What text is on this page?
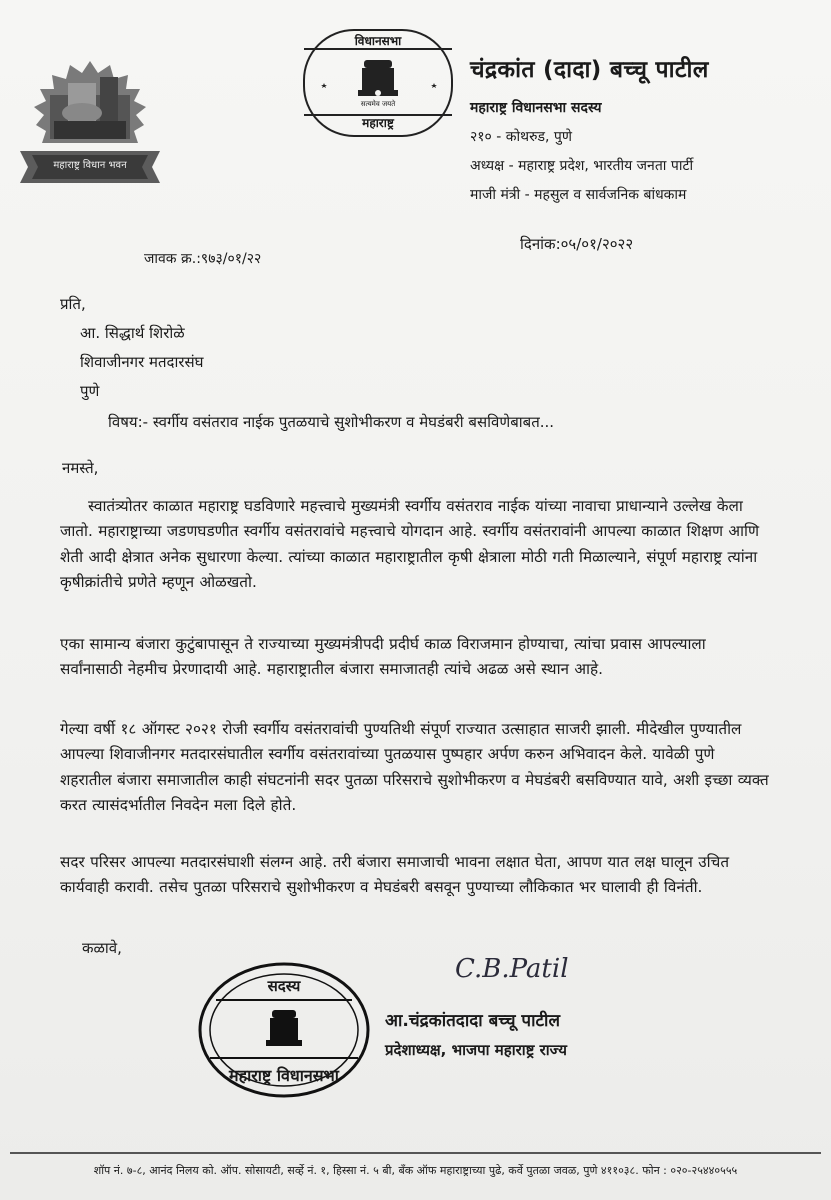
महाराष्ट्र विधान भवन
विधानसभा
सत्यमेव जयते
महाराष्ट्र
चंद्रकांत (दादा) बच्चू पाटील
महाराष्ट्र विधानसभा सदस्य
२१० - कोथरुड, पुणे
अध्यक्ष - महाराष्ट्र प्रदेश, भारतीय जनता पार्टी
माजी मंत्री - महसुल व सार्वजनिक बांधकाम
जावक क्र.:९७३/०१/२२
दिनांक:०५/०१/२०२२
प्रति,
आ. सिद्धार्थ शिरोळे
शिवाजीनगर मतदारसंघ
पुणे
विषय:- स्वर्गीय वसंतराव नाईक पुतळयाचे सुशोभीकरण व मेघडंबरी बसविणेबाबत...
नमस्ते,
स्वातंत्र्योतर काळात महाराष्ट्र घडविणारे महत्त्वाचे मुख्यमंत्री स्वर्गीय वसंतराव नाईक यांच्या नावाचा प्राधान्याने उल्लेख केला जातो. महाराष्ट्राच्या जडणघडणीत स्वर्गीय वसंतरावांचे महत्त्वाचे योगदान आहे. स्वर्गीय वसंतरावांनी आपल्या काळात शिक्षण आणि शेती आदी क्षेत्रात अनेक सुधारणा केल्या. त्यांच्या काळात महाराष्ट्रातील कृषी क्षेत्राला मोठी गती मिळाल्याने, संपूर्ण महाराष्ट्र त्यांना कृषीक्रांतीचे प्रणेते म्हणून ओळखतो.
एका सामान्य बंजारा कुटुंबापासून ते राज्याच्या मुख्यमंत्रीपदी प्रदीर्घ काळ विराजमान होण्याचा, त्यांचा प्रवास आपल्याला सर्वांनासाठी नेहमीच प्रेरणादायी आहे. महाराष्ट्रातील बंजारा समाजातही त्यांचे अढळ असे स्थान आहे.
गेल्या वर्षी १८ ऑगस्ट २०२१ रोजी स्वर्गीय वसंतरावांची पुण्यतिथी संपूर्ण राज्यात उत्साहात साजरी झाली. मीदेखील पुण्यातील आपल्या शिवाजीनगर मतदारसंघातील स्वर्गीय वसंतरावांच्या पुतळयास पुष्पहार अर्पण करुन अभिवादन केले. यावेळी पुणे शहरातील बंजारा समाजातील काही संघटनांनी सदर पुतळा परिसराचे सुशोभीकरण व मेघडंबरी बसविण्यात यावे, अशी इच्छा व्यक्त करत त्यासंदर्भातील निवदेन मला दिले होते.
सदर परिसर आपल्या मतदारसंघाशी संलग्न आहे. तरी बंजारा समाजाची भावना लक्षात घेता, आपण यात लक्ष घालून उचित कार्यवाही करावी. तसेच पुतळा परिसराचे सुशोभीकरण व मेघडंबरी बसवून पुण्याच्या लौकिकात भर घालावी ही विनंती.
कळावे,
सदस्य
महाराष्ट्र विधानसभा
C.B.Patil
आ.चंद्रकांतदादा बच्चू पाटील
प्रदेशाध्यक्ष, भाजपा महाराष्ट्र राज्य
शॉप नं. ७-८, आनंद निलय को. ऑप. सोसायटी, सर्व्हे नं. १, हिस्सा नं. ५ बी, बँक ऑफ महाराष्ट्राच्या पुढे, कर्वे पुतळा जवळ, पुणे ४११०३८. फोन : ०२०-२५४४०५५५
